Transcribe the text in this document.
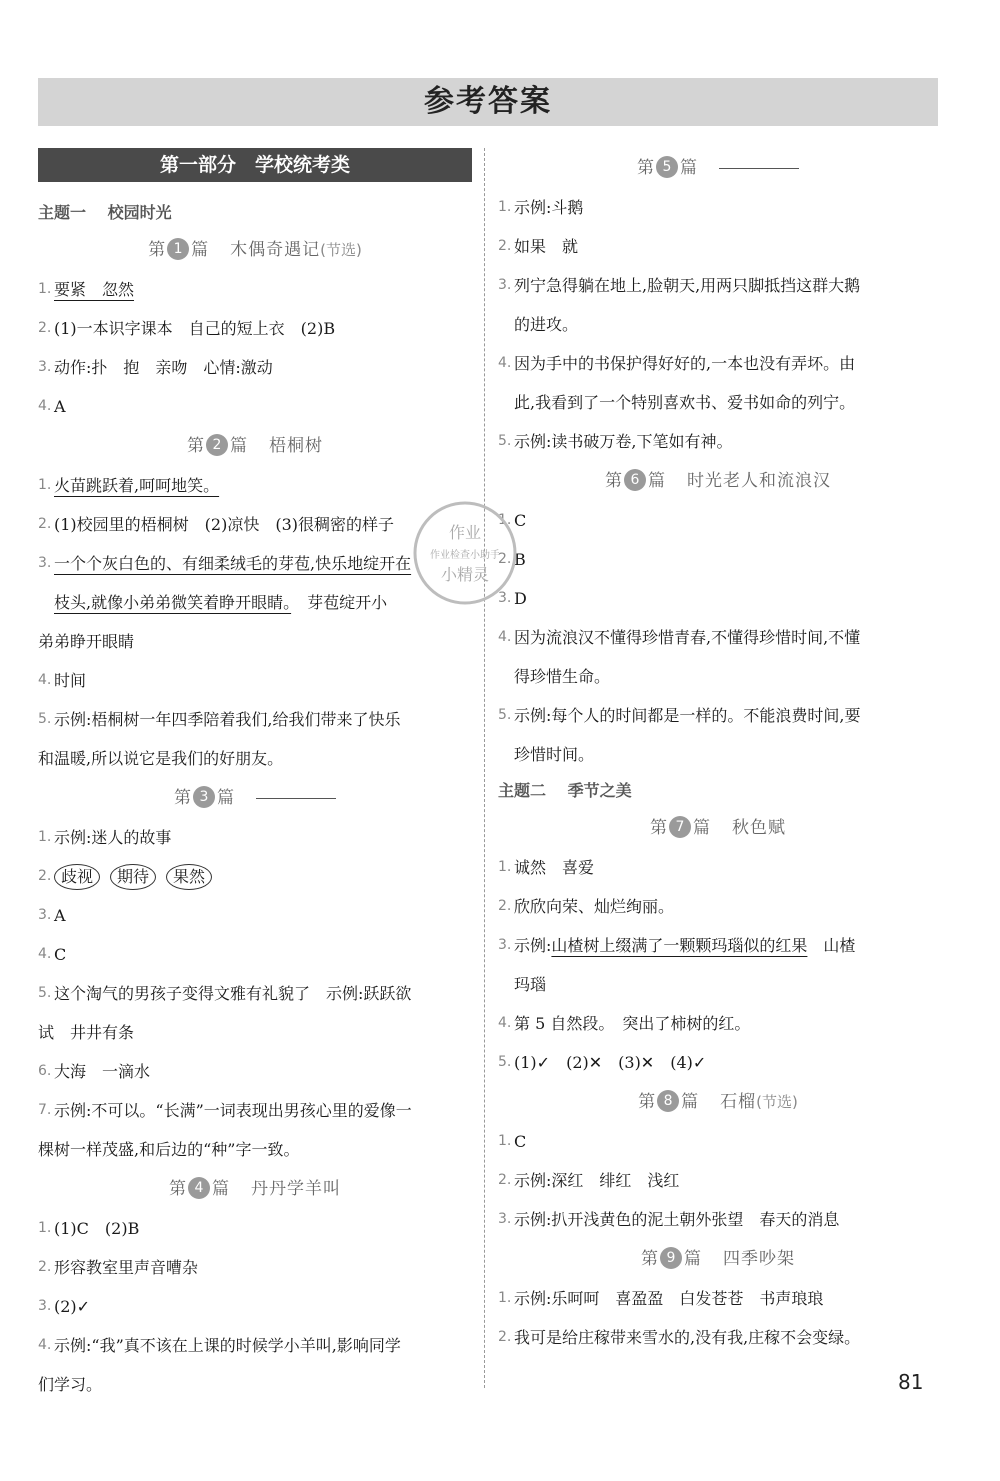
参考答案
第一部分　学校统考类
主题一　 校园时光
第 1 篇 木偶奇遇记(节选)
1. 要紧　忽然
2. (1)一本识字课本　自己的短上衣　(2)B
3. 动作:扑　抱　亲吻　心情:激动
4. A
第 2 篇 梧桐树
1. 火苗跳跃着,呵呵地笑。
2. (1)校园里的梧桐树　(2)凉快　(3)很稠密的样子
3. 一个个灰白色的、有细柔绒毛的芽苞,快乐地绽开在
枝头,就像小弟弟微笑着睁开眼睛。　芽苞绽开小
弟弟睁开眼睛
4. 时间
5. 示例:梧桐树一年四季陪着我们,给我们带来了快乐
和温暖,所以说它是我们的好朋友。
第 3 篇
1. 示例:迷人的故事
2. 歧视 期待 果然
3. A
4. C
5. 这个淘气的男孩子变得文雅有礼貌了　示例:跃跃欲
试　井井有条
6. 大海　一滴水
7. 示例:不可以。“长满”一词表现出男孩心里的爱像一
棵树一样茂盛,和后边的“种”字一致。
第 4 篇 丹丹学羊叫
1. (1)C　(2)B
2. 形容教室里声音嘈杂
3. (2)✓
4. 示例:“我”真不该在上课的时候学小羊叫,影响同学
们学习。
第 5 篇
1. 示例:斗鹅
2. 如果　就
3. 列宁急得躺在地上,脸朝天,用两只脚抵挡这群大鹅
的进攻。
4. 因为手中的书保护得好好的,一本也没有弄坏。由
此,我看到了一个特别喜欢书、爱书如命的列宁。
5. 示例:读书破万卷,下笔如有神。
第 6 篇 时光老人和流浪汉
1. C
2. B
3. D
4. 因为流浪汉不懂得珍惜青春,不懂得珍惜时间,不懂
得珍惜生命。
5. 示例:每个人的时间都是一样的。不能浪费时间,要
珍惜时间。
主题二　 季节之美
第 7 篇 秋色赋
1. 诚然　喜爱
2. 欣欣向荣、灿烂绚丽。
3. 示例:山楂树上缀满了一颗颗玛瑙似的红果　山楂
玛瑙
4. 第 5 自然段。　突出了柿树的红。
5. (1)✓　(2)✕　(3)✕　(4)✓
第 8 篇 石榴(节选)
1. C
2. 示例:深红　绯红　浅红
3. 示例:扒开浅黄色的泥土朝外张望　春天的消息
第 9 篇 四季吵架
1. 示例:乐呵呵　喜盈盈　白发苍苍　书声琅琅
2. 我可是给庄稼带来雪水的,没有我,庄稼不会变绿。
作业
作业检查小助手
小精灵
81
